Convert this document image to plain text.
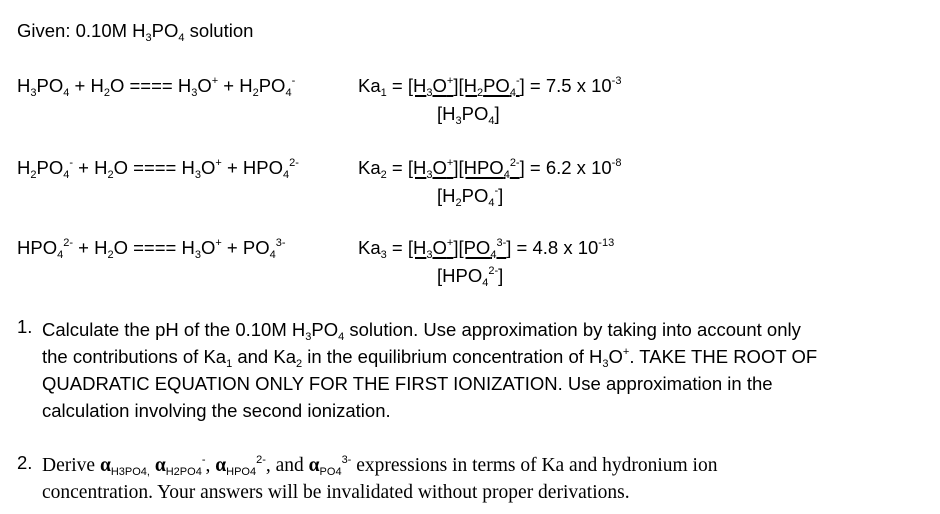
Given: 0.10M $H_3PO_4$ solution
$H_3PO_4 + H_2O$ ==== $H_3O^+ + H_2PO_4^-$	$Ka_1 = [H_3O^+][H_2PO_4^-] = 7.5$ x $10^{-3}$
$[H_3PO_4]$
$H_2PO_4^- + H_2O$ ==== $H_3O^+ + HPO_4^{2-}$	$Ka_2 = [H_3O^+][HPO_4^{2-}] = 6.2$ x $10^{-8}$
$[H_2PO_4^-]$
$HPO_4^{2-} + H_2O$ ==== $H_3O^+ + PO_4^{3-}$	$Ka_3 = [H_3O^+][PO_4^{3-}] = 4.8$ x $10^{-13}$
$[HPO_4^{2-}]$
1. Calculate the pH of the 0.10M $H_3PO_4$ solution. Use approximation by taking into account only

the contributions of $Ka_1$ and $Ka_2$ in the equilibrium concentration of $H_3O^+$. TAKE THE ROOT OF

QUADRATIC EQUATION ONLY FOR THE FIRST IONIZATION. Use approximation in the

calculation involving the second ionization.

2. Derive $\alpha_{H3PO4,}$ $\alpha_{H2PO4}^-$, $\alpha_{HPO4}^{2-}$, and $\alpha_{PO4}^{3-}$ expressions in terms of Ka and hydronium ion

concentration. Your answers will be invalidated without proper derivations.
